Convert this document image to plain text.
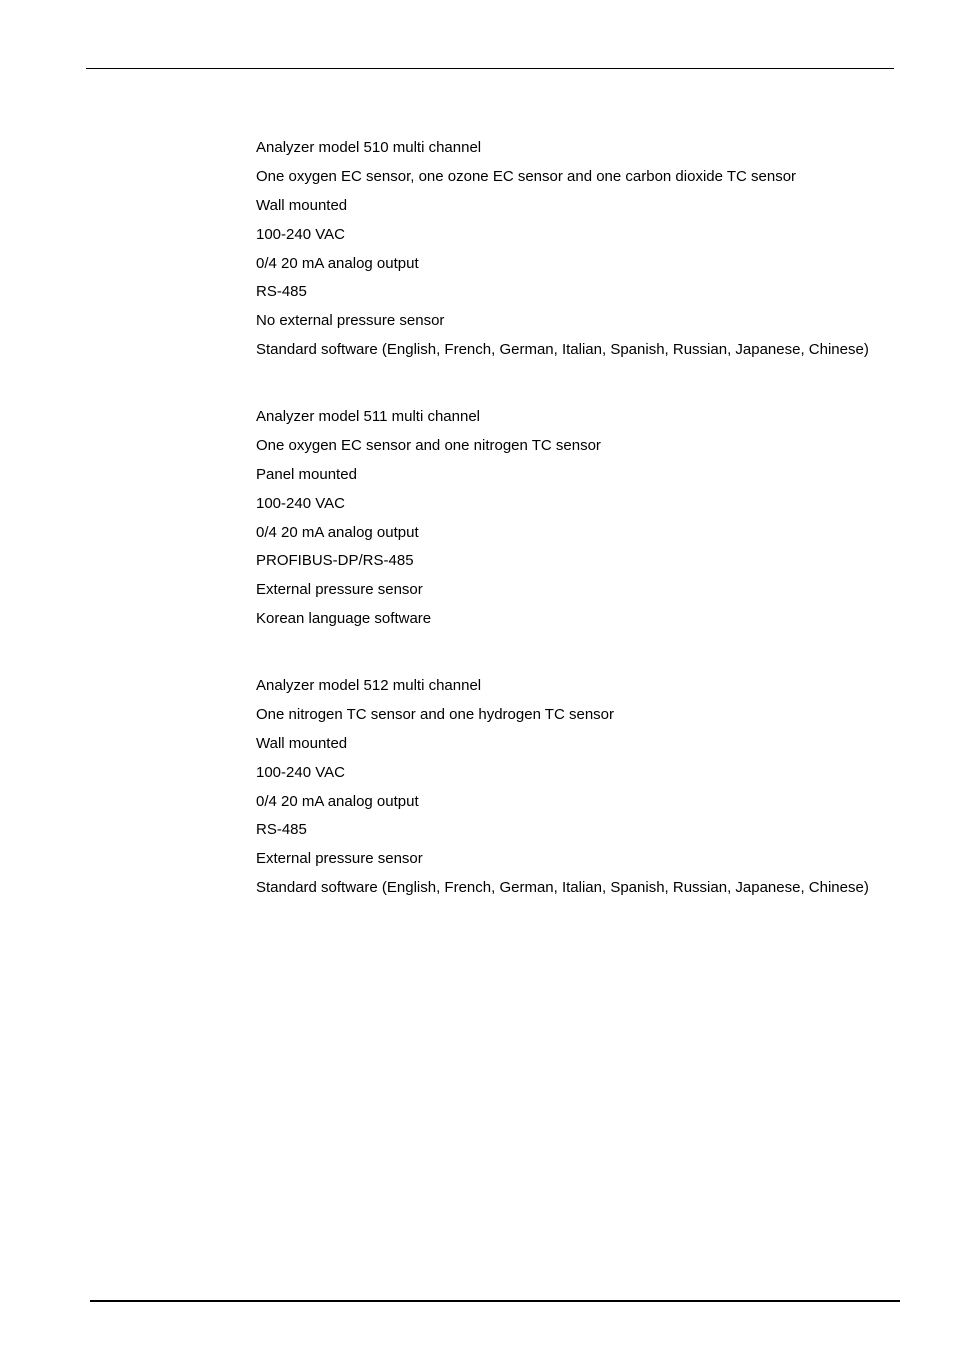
Analyzer model 510 multi channel
One oxygen EC sensor, one ozone EC sensor and one carbon dioxide TC sensor
Wall mounted
100-240 VAC
0/4 20 mA analog output
RS-485
No external pressure sensor
Standard software (English, French, German, Italian, Spanish, Russian, Japanese, Chinese)
Analyzer model 511 multi channel
One oxygen EC sensor and one nitrogen TC sensor
Panel mounted
100-240 VAC
0/4 20 mA analog output
PROFIBUS-DP/RS-485
External pressure sensor
Korean language software
Analyzer model 512 multi channel
One nitrogen TC sensor and one hydrogen TC sensor
Wall mounted
100-240 VAC
0/4 20 mA analog output
RS-485
External pressure sensor
Standard software (English, French, German, Italian, Spanish, Russian, Japanese, Chinese)
